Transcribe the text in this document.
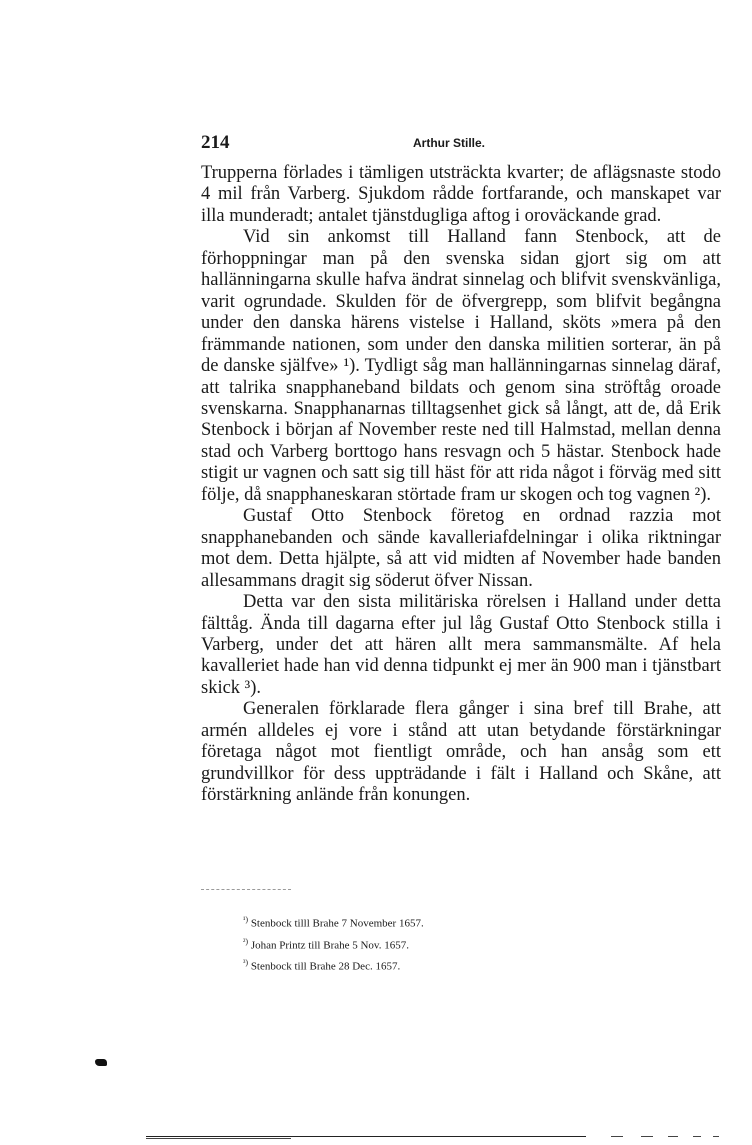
214	Arthur Stille.

Trupperna förlades i tämligen utsträckta kvarter; de aflägsnaste stodo 4 mil från Varberg. Sjukdom rådde fortfarande, och manskapet var illa munderadt; antalet tjänstdugliga aftog i oroväckande grad.

Vid sin ankomst till Halland fann Stenbock, att de förhoppningar man på den svenska sidan gjort sig om att hallänningarna skulle hafva ändrat sinnelag och blifvit svenskvänliga, varit ogrundade. Skulden för de öfvergrepp, som blifvit begångna under den danska härens vistelse i Halland, sköts »mera på den främmande nationen, som under den danska militien sorterar, än på de danske själfve» ¹). Tydligt såg man hallänningarnas sinnelag däraf, att talrika snapphaneband bildats och genom sina ströftåg oroade svenskarna. Snapphanarnas tilltagsenhet gick så långt, att de, då Erik Stenbock i början af November reste ned till Halmstad, mellan denna stad och Varberg borttogo hans resvagn och 5 hästar. Stenbock hade stigit ur vagnen och satt sig till häst för att rida något i förväg med sitt följe, då snapphaneskaran störtade fram ur skogen och tog vagnen ²).

Gustaf Otto Stenbock företog en ordnad razzia mot snapphanebanden och sände kavalleriafdelningar i olika riktningar mot dem. Detta hjälpte, så att vid midten af November hade banden allesammans dragit sig söderut öfver Nissan.

Detta var den sista militäriska rörelsen i Halland under detta fälttåg. Ända till dagarna efter jul låg Gustaf Otto Stenbock stilla i Varberg, under det att hären allt mera sammansmälte. Af hela kavalleriet hade han vid denna tidpunkt ej mer än 900 man i tjänstbart skick ³).

Generalen förklarade flera gånger i sina bref till Brahe, att armén alldeles ej vore i stånd att utan betydande förstärkningar företaga något mot fientligt område, och han ansåg som ett grundvillkor för dess uppträdande i fält i Halland och Skåne, att förstärkning anlände från konungen.

$^{^1)}$ Stenbock tilll Brahe 7 November 1657.
$^{^2)}$ Johan Printz till Brahe 5 Nov. 1657.
$^{^3)}$ Stenbock till Brahe 28 Dec. 1657.
